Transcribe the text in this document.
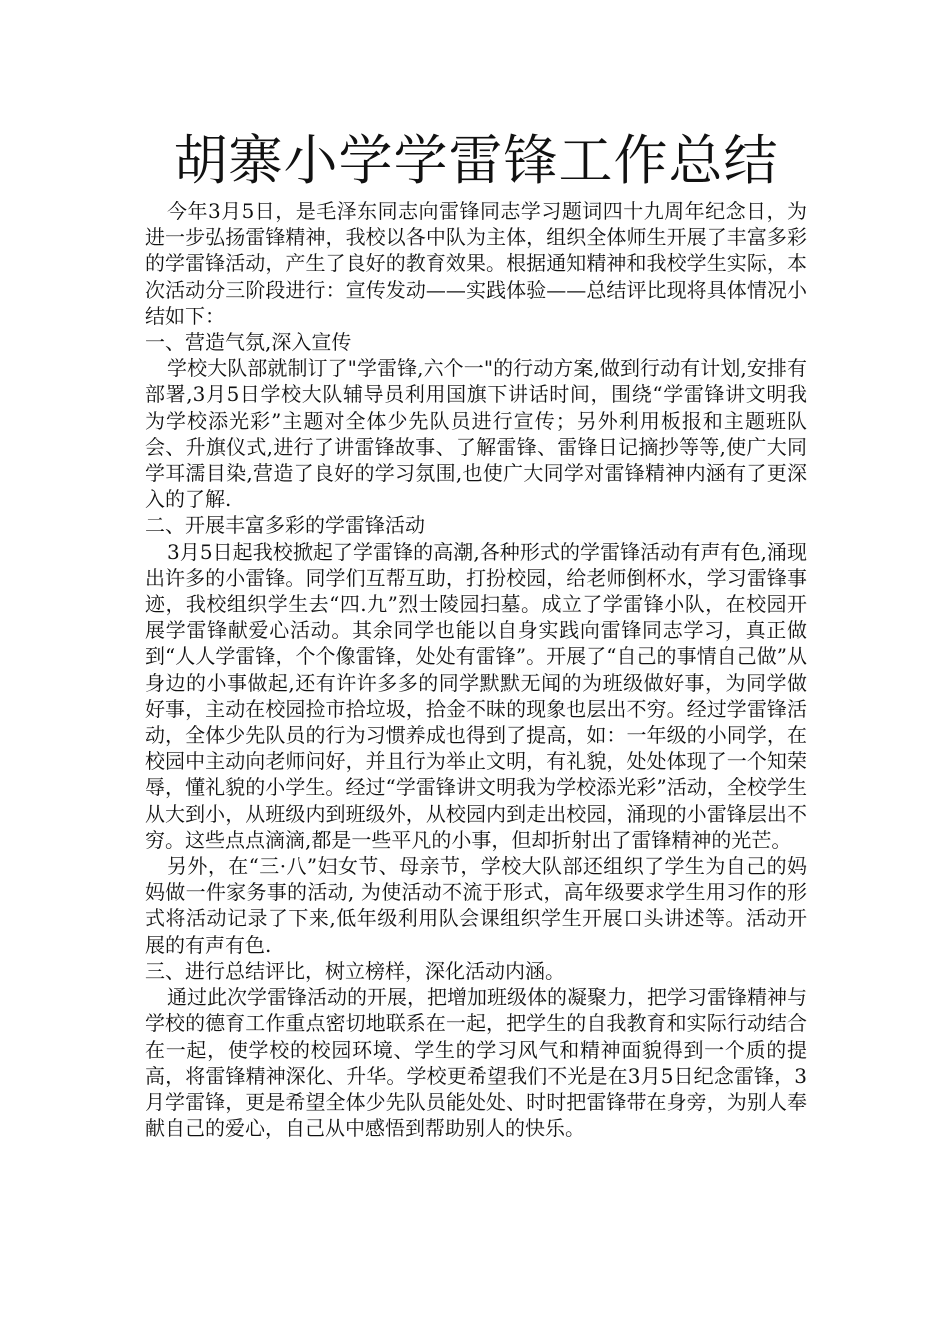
胡寨小学学雷锋工作总结

今年3月5日，是毛泽东同志向雷锋同志学习题词四十九周年纪念日，为进一步弘扬雷锋精神，我校以各中队为主体，组织全体师生开展了丰富多彩的学雷锋活动，产生了良好的教育效果。根据通知精神和我校学生实际，本次活动分三阶段进行：宣传发动——实践体验——总结评比现将具体情况小结如下：

一、营造气氛,深入宣传

学校大队部就制订了"学雷锋,六个一"的行动方案,做到行动有计划,安排有部署,3月5日学校大队辅导员利用国旗下讲话时间，围绕“学雷锋讲文明我为学校添光彩”主题对全体少先队员进行宣传；另外利用板报和主题班队会、升旗仪式,进行了讲雷锋故事、了解雷锋、雷锋日记摘抄等等,使广大同学耳濡目染,营造了良好的学习氛围,也使广大同学对雷锋精神内涵有了更深入的了解.

二、开展丰富多彩的学雷锋活动

3月5日起我校掀起了学雷锋的高潮,各种形式的学雷锋活动有声有色,涌现出许多的小雷锋。同学们互帮互助，打扮校园，给老师倒杯水，学习雷锋事迹，我校组织学生去“四.九”烈士陵园扫墓。成立了学雷锋小队，在校园开展学雷锋献爱心活动。其余同学也能以自身实践向雷锋同志学习，真正做到“人人学雷锋，个个像雷锋，处处有雷锋”。开展了“自己的事情自己做”从身边的小事做起,还有许许多多的同学默默无闻的为班级做好事，为同学做好事，主动在校园捡市拾垃圾，拾金不昧的现象也层出不穷。经过学雷锋活动，全体少先队员的行为习惯养成也得到了提高，如：一年级的小同学，在校园中主动向老师问好，并且行为举止文明，有礼貌，处处体现了一个知荣辱，懂礼貌的小学生。经过“学雷锋讲文明我为学校添光彩”活动，全校学生从大到小，从班级内到班级外，从校园内到走出校园，涌现的小雷锋层出不穷。这些点点滴滴,都是一些平凡的小事，但却折射出了雷锋精神的光芒。

另外，在“三·八”妇女节、母亲节，学校大队部还组织了学生为自己的妈妈做一件家务事的活动, 为使活动不流于形式，高年级要求学生用习作的形式将活动记录了下来,低年级利用队会课组织学生开展口头讲述等。活动开展的有声有色.

三、进行总结评比，树立榜样，深化活动内涵。

通过此次学雷锋活动的开展，把增加班级体的凝聚力，把学习雷锋精神与学校的德育工作重点密切地联系在一起，把学生的自我教育和实际行动结合在一起，使学校的校园环境、学生的学习风气和精神面貌得到一个质的提高，将雷锋精神深化、升华。学校更希望我们不光是在3月5日纪念雷锋，3月学雷锋，更是希望全体少先队员能处处、时时把雷锋带在身旁，为别人奉献自己的爱心，自己从中感悟到帮助别人的快乐。
